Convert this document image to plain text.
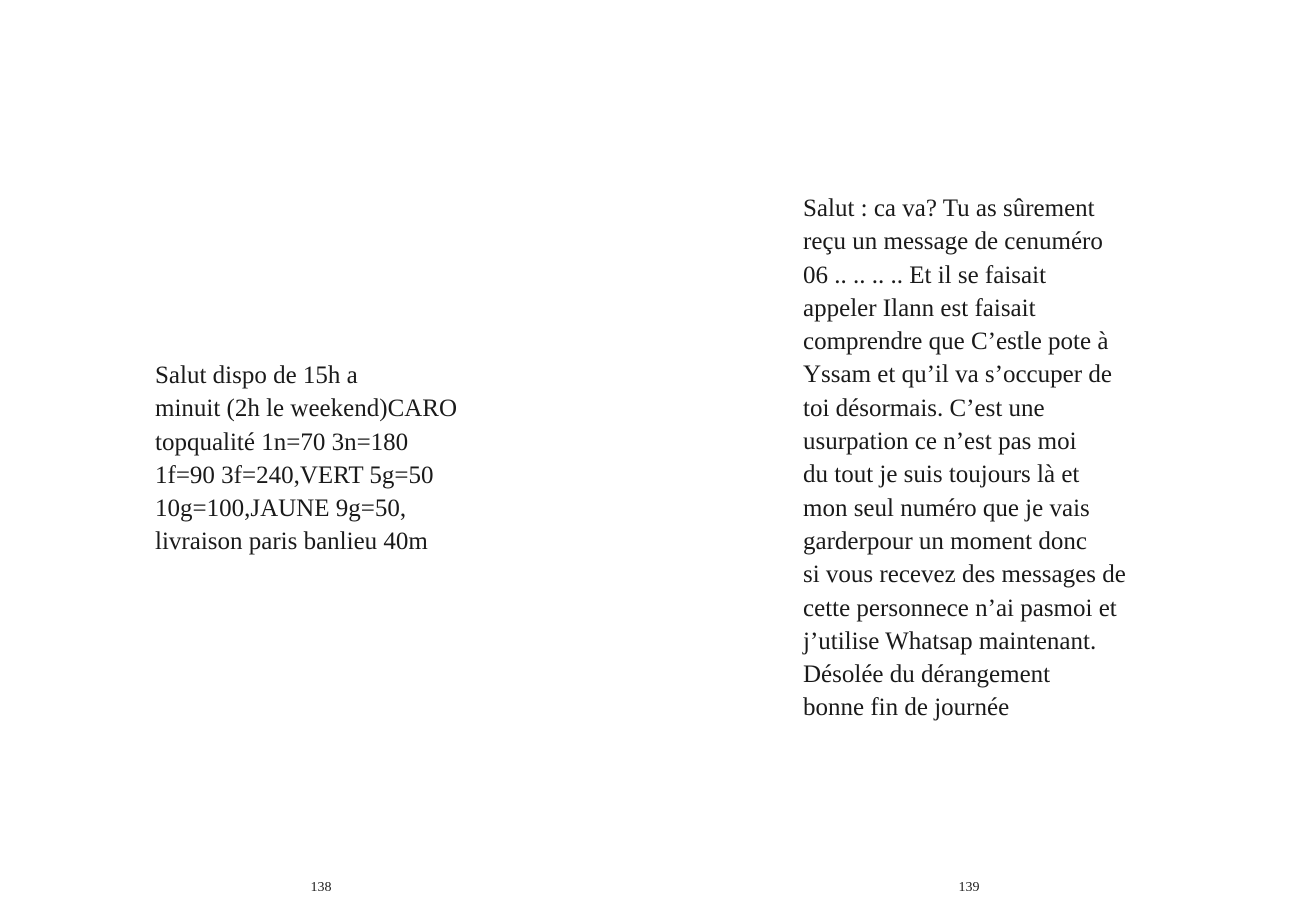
Salut dispo de 15h a
minuit (2h le weekend)CARO
topqualité 1n=70 3n=180
1f=90 3f=240,VERT 5g=50
10g=100,JAUNE 9g=50,
livraison paris banlieu 40m
138
Salut : ca va? Tu as sûrement
reçu un message de cenuméro
06 .. .. .. .. Et il se faisait
appeler Ilann est faisait
comprendre que C’estle pote à
Yssam et qu’il va s’occuper de
toi désormais. C’est une
usurpation ce n’est pas moi
du tout je suis toujours là et
mon seul numéro que je vais
garderpour un moment donc
si vous recevez des messages de
cette personnece n’ai pasmoi et
j’utilise Whatsap maintenant.
Désolée du dérangement
bonne fin de journée
139
